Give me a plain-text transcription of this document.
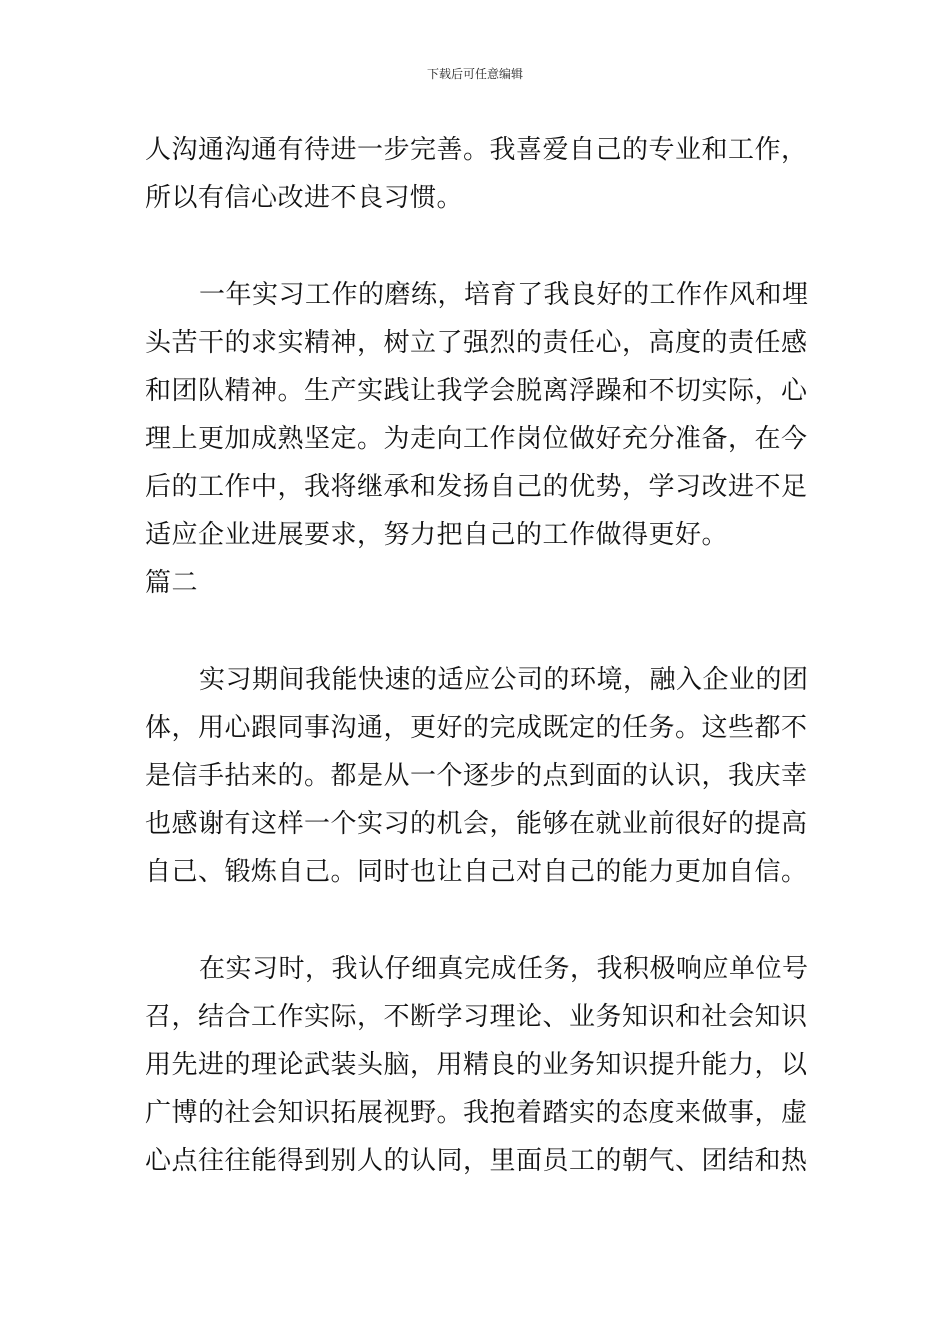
下载后可任意编辑
人沟通沟通有待进一步完善。我喜爱自己的专业和工作，
所以有信心改进不良习惯。
一年实习工作的磨练，培育了我良好的工作作风和埋
头苦干的求实精神，树立了强烈的责任心，高度的责任感
和团队精神。生产实践让我学会脱离浮躁和不切实际，心
理上更加成熟坚定。为走向工作岗位做好充分准备，在今
后的工作中，我将继承和发扬自己的优势，学习改进不足
适应企业进展要求，努力把自己的工作做得更好。
篇二
实习期间我能快速的适应公司的环境，融入企业的团
体，用心跟同事沟通，更好的完成既定的任务。这些都不
是信手拈来的。都是从一个逐步的点到面的认识，我庆幸
也感谢有这样一个实习的机会，能够在就业前很好的提高
自己、锻炼自己。同时也让自己对自己的能力更加自信。
在实习时，我认仔细真完成任务，我积极响应单位号
召，结合工作实际，不断学习理论、业务知识和社会知识
用先进的理论武装头脑，用精良的业务知识提升能力，以
广博的社会知识拓展视野。我抱着踏实的态度来做事，虚
心点往往能得到别人的认同，里面员工的朝气、团结和热
